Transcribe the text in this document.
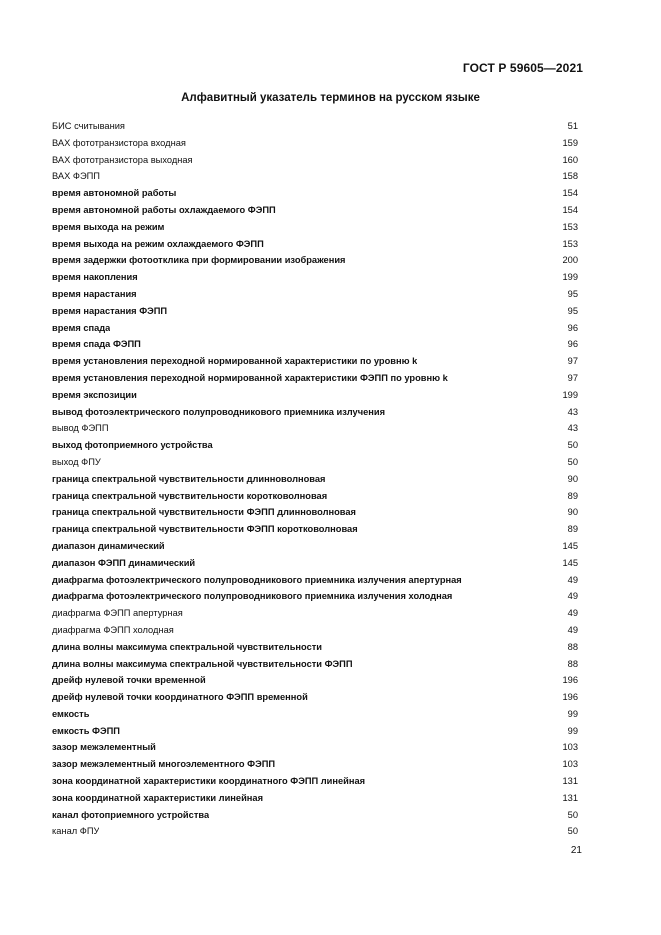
ГОСТ Р 59605—2021
Алфавитный указатель терминов на русском языке
БИС считывания	51
ВАХ фототранзистора входная	159
ВАХ фототранзистора выходная	160
ВАХ ФЭПП	158
время автономной работы	154
время автономной работы охлаждаемого ФЭПП	154
время выхода на режим	153
время выхода на режим охлаждаемого ФЭПП	153
время задержки фотоотклика при формировании изображения	200
время накопления	199
время нарастания	95
время нарастания ФЭПП	95
время спада	96
время спада ФЭПП	96
время установления переходной нормированной характеристики по уровню k	97
время установления переходной нормированной характеристики ФЭПП по уровню k	97
время экспозиции	199
вывод фотоэлектрического полупроводникового приемника излучения	43
вывод ФЭПП	43
выход фотоприемного устройства	50
выход ФПУ	50
граница спектральной чувствительности длинноволновая	90
граница спектральной чувствительности коротковолновая	89
граница спектральной чувствительности ФЭПП длинноволновая	90
граница спектральной чувствительности ФЭПП коротковолновая	89
диапазон динамический	145
диапазон ФЭПП динамический	145
диафрагма фотоэлектрического полупроводникового приемника излучения апертурная	49
диафрагма фотоэлектрического полупроводникового приемника излучения холодная	49
диафрагма ФЭПП апертурная	49
диафрагма ФЭПП холодная	49
длина волны максимума спектральной чувствительности	88
длина волны максимума спектральной чувствительности ФЭПП	88
дрейф нулевой точки временной	196
дрейф нулевой точки координатного ФЭПП временной	196
емкость	99
емкость ФЭПП	99
зазор межэлементный	103
зазор межэлементный многоэлементного ФЭПП	103
зона координатной характеристики координатного ФЭПП линейная	131
зона координатной характеристики линейная	131
канал фотоприемного устройства	50
канал ФПУ	50
21
